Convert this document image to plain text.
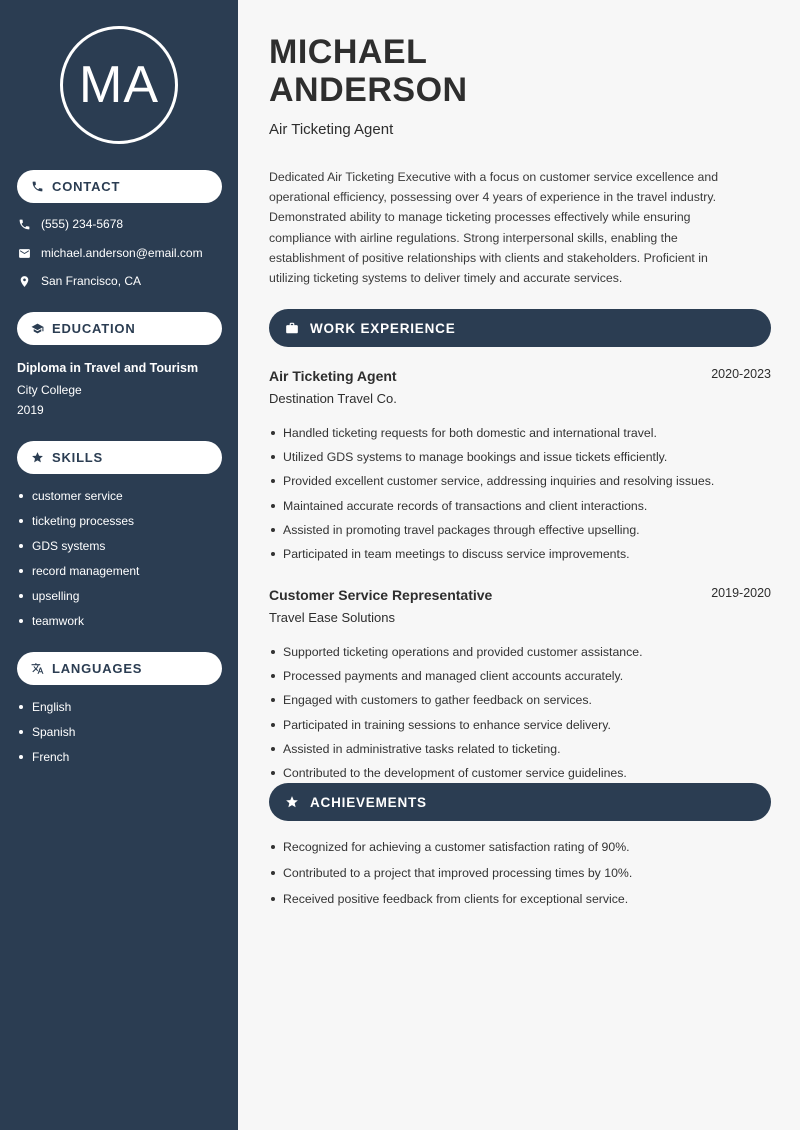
MA
CONTACT
(555) 234-5678
michael.anderson@email.com
San Francisco, CA
EDUCATION
Diploma in Travel and Tourism
City College
2019
SKILLS
customer service
ticketing processes
GDS systems
record management
upselling
teamwork
LANGUAGES
English
Spanish
French
MICHAEL
ANDERSON
Air Ticketing Agent

Dedicated Air Ticketing Executive with a focus on customer service excellence and operational efficiency, possessing over 4 years of experience in the travel industry. Demonstrated ability to manage ticketing processes effectively while ensuring compliance with airline regulations. Strong interpersonal skills, enabling the establishment of positive relationships with clients and stakeholders. Proficient in utilizing ticketing systems to deliver timely and accurate services.

WORK EXPERIENCE
Air Ticketing Agent	2020-2023
Destination Travel Co.
Handled ticketing requests for both domestic and international travel.
Utilized GDS systems to manage bookings and issue tickets efficiently.
Provided excellent customer service, addressing inquiries and resolving issues.
Maintained accurate records of transactions and client interactions.
Assisted in promoting travel packages through effective upselling.
Participated in team meetings to discuss service improvements.
Customer Service Representative	2019-2020
Travel Ease Solutions
Supported ticketing operations and provided customer assistance.
Processed payments and managed client accounts accurately.
Engaged with customers to gather feedback on services.
Participated in training sessions to enhance service delivery.
Assisted in administrative tasks related to ticketing.
Contributed to the development of customer service guidelines.
ACHIEVEMENTS
Recognized for achieving a customer satisfaction rating of 90%.
Contributed to a project that improved processing times by 10%.
Received positive feedback from clients for exceptional service.
